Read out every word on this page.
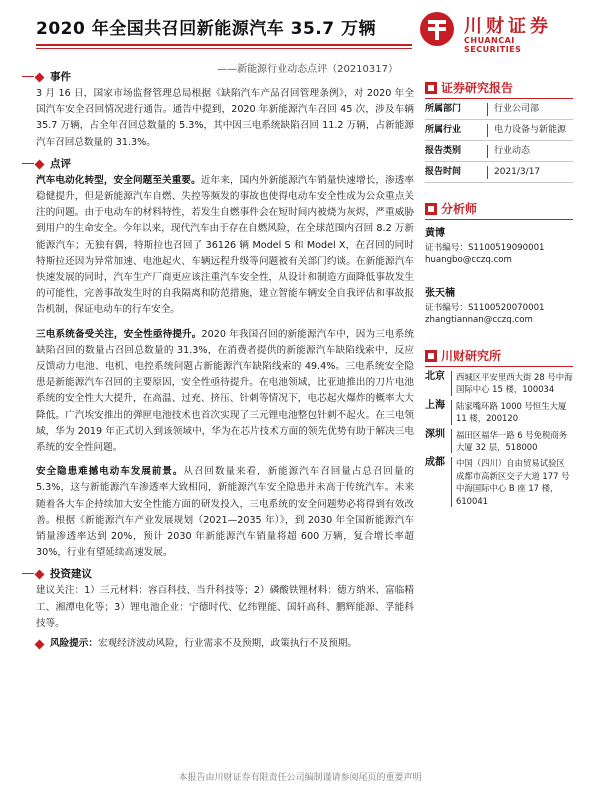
2020 年全国共召回新能源汽车 35.7 万辆
——新能源行业动态点评（20210317）
川财证券
CHUANCAI SECURITIES
事件

3 月 16 日，国家市场监督管理总局根据《缺陷汽车产品召回管理条例》，对 2020 年全国汽车安全召回情况进行通告。通告中提到，2020 年新能源汽车召回 45 次，涉及车辆 35.7 万辆，占全年召回总数量的 5.3%，其中因三电系统缺陷召回 11.2 万辆，占新能源汽车召回总数量的 31.3%。

点评

汽车电动化转型，安全问题至关重要。近年来，国内外新能源汽车销量快速增长，渗透率稳健提升，但是新能源汽车自燃、失控等频发的事故也使得电动车安全性成为公众重点关注的问题。由于电动车的材料特性，若发生自燃事件会在短时间内被烧为灰烬，严重威胁到用户的生命安全。今年以来，现代汽车由于存在自燃风险，在全球范围内召回 8.2 万新能源汽车；无独有偶，特斯拉也召回了 36126 辆 Model S 和 Model X，在召回的同时特斯拉还因为异常加速、电池起火、车辆远程升级等问题被有关部门约谈。在新能源汽车快速发展的同时，汽车生产厂商更应该注重汽车安全性，从设计和制造方面降低事故发生的可能性，完善事故发生时的自我隔离和防范措施，建立智能车辆安全自我评估和事故报告机制，保证电动车的行车安全。

三电系统备受关注，安全性亟待提升。2020 年我国召回的新能源汽车中，因为三电系统缺陷召回的数量占召回总数量的 31.3%，在消费者提供的新能源汽车缺陷线索中，反应反馈动力电池、电机、电控系统问题占新能源汽车缺陷线索的 49.4%。三电系统安全隐患是新能源汽车召回的主要原因，安全性亟待提升。在电池领域，比亚迪推出的刀片电池系统的安全性大大提升，在高温、过充、挤压、针刺等情况下，电芯起火爆炸的概率大大降低。广汽埃安推出的弹匣电池技术也首次实现了三元锂电池整包针刺不起火。在三电领域，华为 2019 年正式切入到该领域中，华为在芯片技术方面的领先优势有助于解决三电系统的安全性问题。

安全隐患难撼电动车发展前景。从召回数量来看，新能源汽车召回量占总召回量的 5.3%，这与新能源汽车渗透率大致相同，新能源汽车安全隐患并未高于传统汽车。未来随着各大车企持续加大安全性能方面的研发投入，三电系统的安全问题势必将得到有效改善。根据《新能源汽车产业发展规划（2021—2035 年）》，到 2030 年全国新能源汽车销量渗透率达到 20%，预计 2030 年新能源汽车销量将超 600 万辆，复合增长率超 30%，行业有望延续高速发展。

投资建议

建议关注：1）三元材料：容百科技、当升科技等；2）磷酸铁锂材料：德方纳米、富临精工、湘潭电化等；3）锂电池企业：宁德时代、亿纬锂能、国轩高科、鹏辉能源、孚能科技等。

风险提示：宏观经济波动风险，行业需求不及预期，政策执行不及预期。

证券研究报告
所属部门	行业公司部
所属行业	电力设备与新能源
报告类别	行业动态
报告时间	2021/3/17
分析师
黄博
证书编号：S1100519090001
huangbo@cczq.com
张天楠
证书编号：S1100520070001
zhangtiannan@cczq.com
川财研究所
北京 西城区平安里西大街 28 号中海国际中心 15 楼，100034
上海 陆家嘴环路 1000 号恒生大厦 11 楼，200120
深圳 福田区福华一路 6 号免税商务大厦 32 层，518000
成都 中国（四川）自由贸易试验区成都市高新区交子大道 177 号中海国际中心 B 座 17 楼，610041
本报告由川财证券有限责任公司编制谨请参阅尾页的重要声明
